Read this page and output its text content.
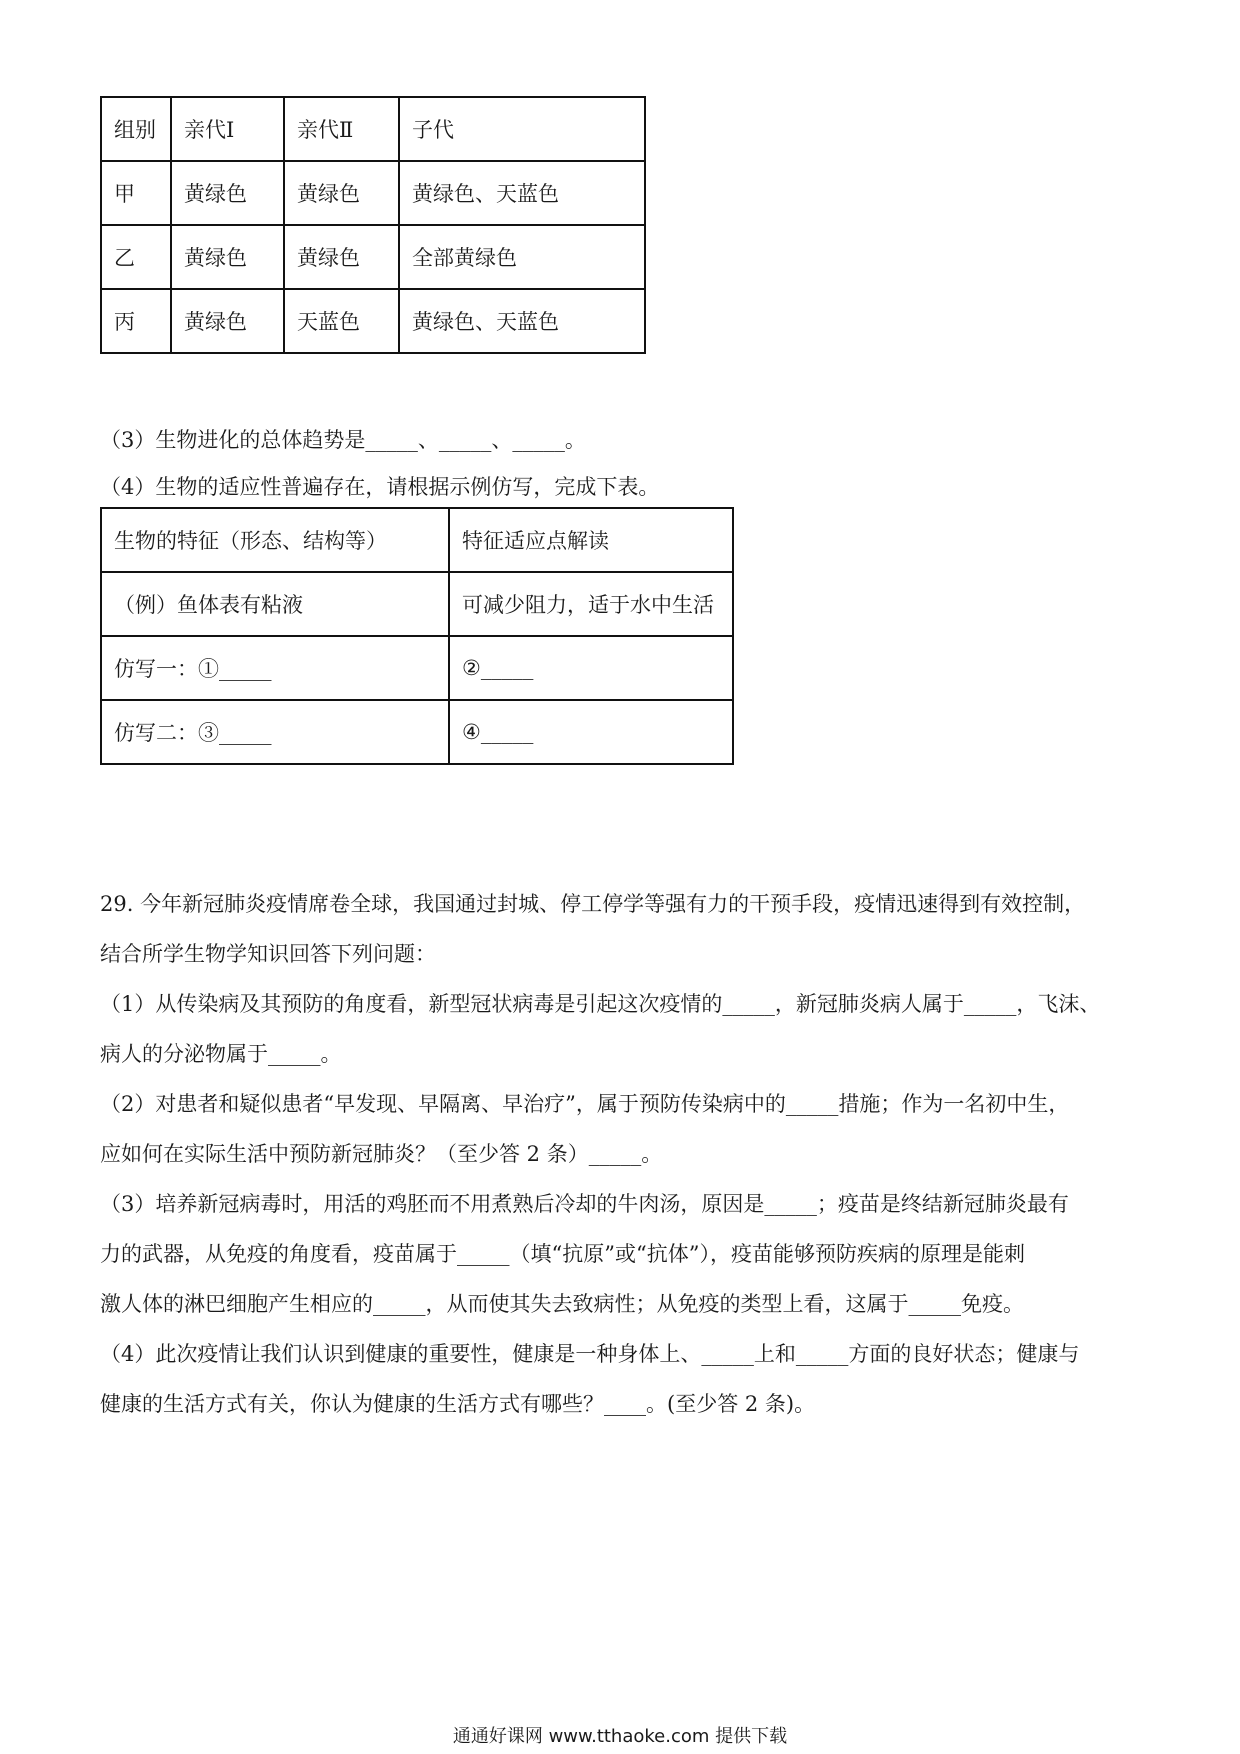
组别	亲代Ⅰ	亲代Ⅱ	子代
甲	黄绿色	黄绿色	黄绿色、天蓝色
乙	黄绿色	黄绿色	全部黄绿色
丙	黄绿色	天蓝色	黄绿色、天蓝色
（3）生物进化的总体趋势是_____、_____、_____。
（4）生物的适应性普遍存在，请根据示例仿写，完成下表。
生物的特征（形态、结构等）	特征适应点解读
（例）鱼体表有粘液	可减少阻力，适于水中生活
仿写一：①_____	②_____
仿写二：③_____	④_____
29. 今年新冠肺炎疫情席卷全球，我国通过封城、停工停学等强有力的干预手段，疫情迅速得到有效控制，
结合所学生物学知识回答下列问题：
（1）从传染病及其预防的角度看，新型冠状病毒是引起这次疫情的_____，新冠肺炎病人属于_____，飞沫、
病人的分泌物属于_____。
（2）对患者和疑似患者“早发现、早隔离、早治疗”，属于预防传染病中的_____措施；作为一名初中生，
应如何在实际生活中预防新冠肺炎？（至少答 2 条）_____。
（3）培养新冠病毒时，用活的鸡胚而不用煮熟后冷却的牛肉汤，原因是_____；疫苗是终结新冠肺炎最有
力的武器，从免疫的角度看，疫苗属于_____（填“抗原”或“抗体”），疫苗能够预防疾病的原理是能刺
激人体的淋巴细胞产生相应的_____，从而使其失去致病性；从免疫的类型上看，这属于_____免疫。
（4）此次疫情让我们认识到健康的重要性，健康是一种身体上、_____上和_____方面的良好状态；健康与
健康的生活方式有关，你认为健康的生活方式有哪些？____。(至少答 2 条)。
通通好课网 www.tthaoke.com 提供下载
